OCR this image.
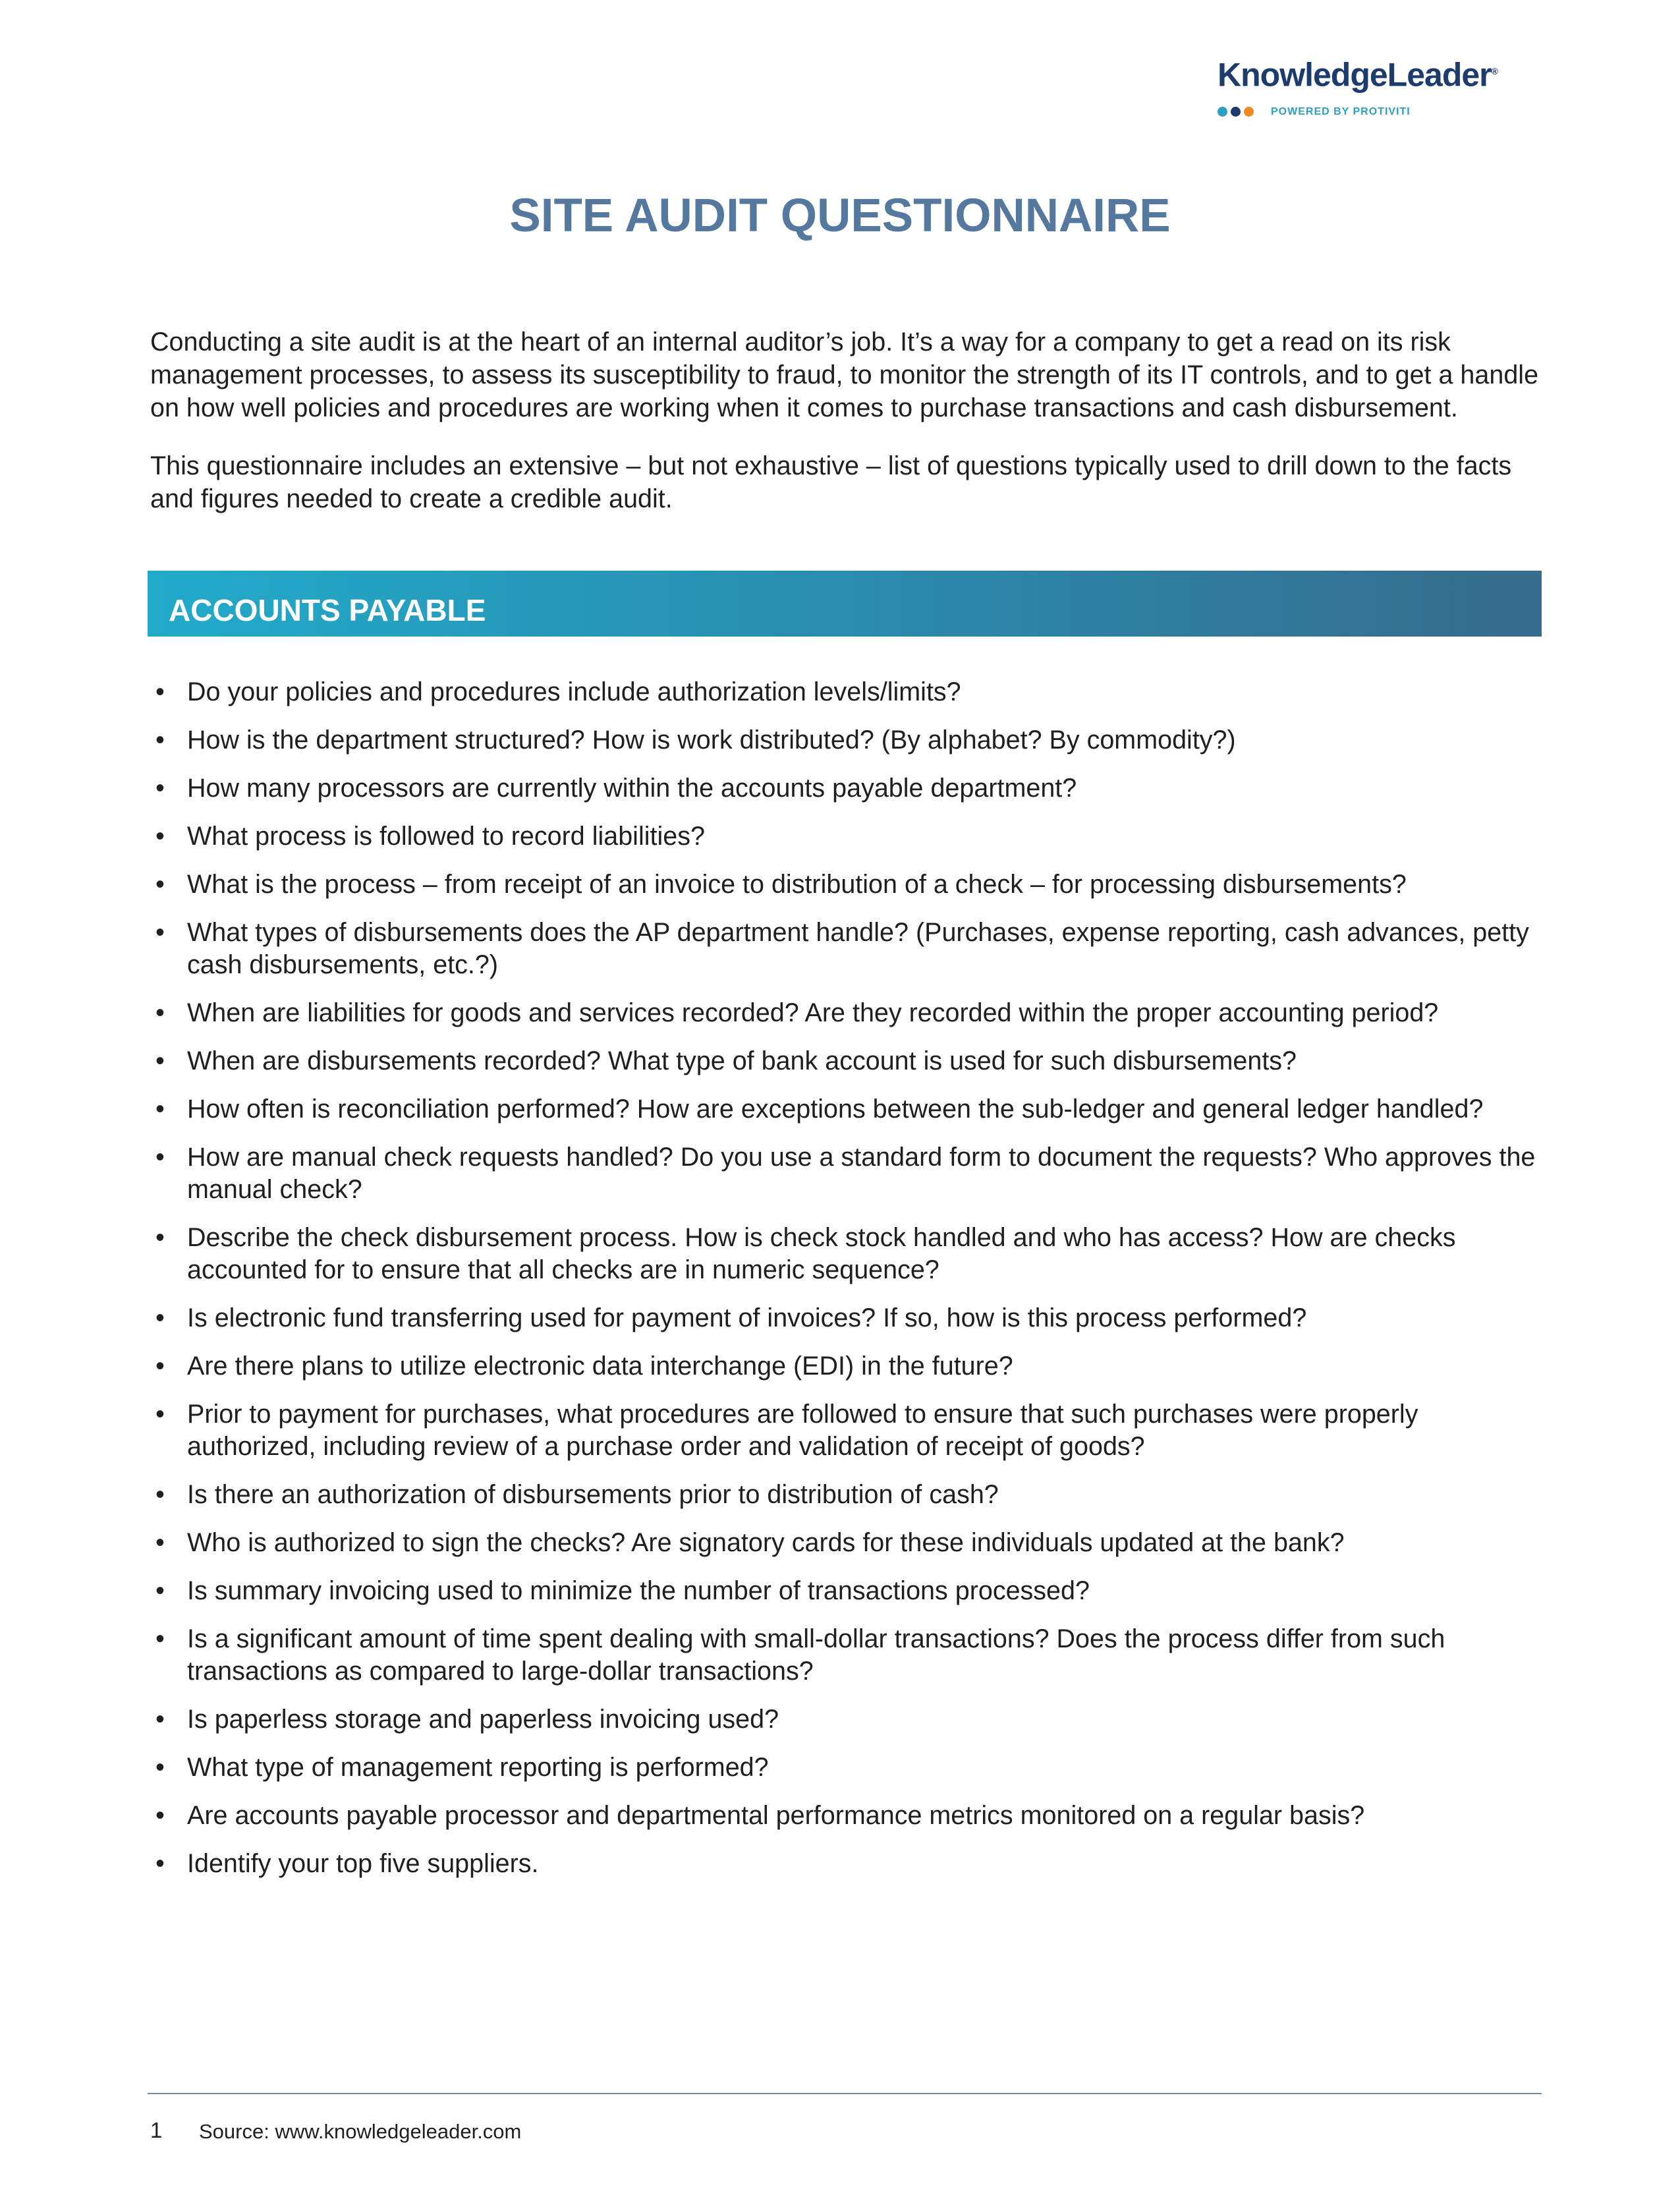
KnowledgeLeader®
POWERED BY PROTIVITI
SITE AUDIT QUESTIONNAIRE

Conducting a site audit is at the heart of an internal auditor’s job. It’s a way for a company to get a read on its risk management processes, to assess its susceptibility to fraud, to monitor the strength of its IT controls, and to get a handle on how well policies and procedures are working when it comes to purchase transactions and cash disbursement.

This questionnaire includes an extensive – but not exhaustive – list of questions typically used to drill down to the facts and figures needed to create a credible audit.

ACCOUNTS PAYABLE
• Do your policies and procedures include authorization levels/limits?
• How is the department structured? How is work distributed? (By alphabet? By commodity?)
• How many processors are currently within the accounts payable department?
• What process is followed to record liabilities?
• What is the process – from receipt of an invoice to distribution of a check – for processing disbursements?
• What types of disbursements does the AP department handle? (Purchases, expense reporting, cash advances, petty cash disbursements, etc.?)
• When are liabilities for goods and services recorded? Are they recorded within the proper accounting period?
• When are disbursements recorded? What type of bank account is used for such disbursements?
• How often is reconciliation performed? How are exceptions between the sub-ledger and general ledger handled?
• How are manual check requests handled? Do you use a standard form to document the requests? Who approves the manual check?
• Describe the check disbursement process. How is check stock handled and who has access? How are checks accounted for to ensure that all checks are in numeric sequence?
• Is electronic fund transferring used for payment of invoices? If so, how is this process performed?
• Are there plans to utilize electronic data interchange (EDI) in the future?
• Prior to payment for purchases, what procedures are followed to ensure that such purchases were properly authorized, including review of a purchase order and validation of receipt of goods?
• Is there an authorization of disbursements prior to distribution of cash?
• Who is authorized to sign the checks? Are signatory cards for these individuals updated at the bank?
• Is summary invoicing used to minimize the number of transactions processed?
• Is a significant amount of time spent dealing with small-dollar transactions? Does the process differ from such transactions as compared to large-dollar transactions?
• Is paperless storage and paperless invoicing used?
• What type of management reporting is performed?
• Are accounts payable processor and departmental performance metrics monitored on a regular basis?
• Identify your top five suppliers.
1 Source: www.knowledgeleader.com
